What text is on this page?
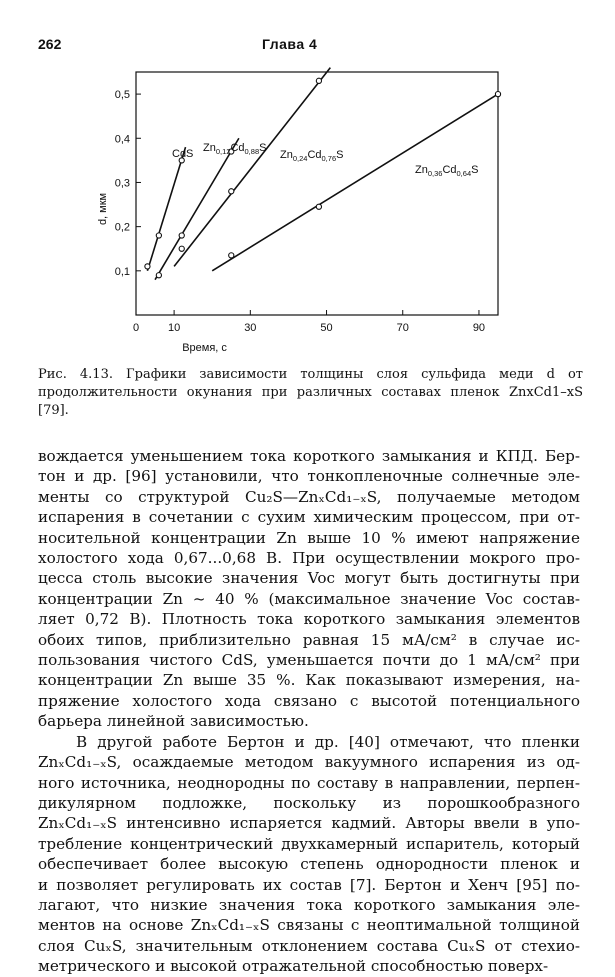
262	Глава 4
0	10	30	50	70	90
0,1
0,2
0,3
0,4
0,5
Время, с
d, мкм
CdS $Zn_{0,12}Cd_{0,88}S$
$Zn_{0,24}Cd_{0,76}S$
$Zn_{0,36}Cd_{0,64}S$
Рис. 4.13. Графики зависимости толщины слоя сульфида меди d от продолжительности окунания при различных составах пленок ZnxCd1–xS [79].

вождается уменьшением тока короткого замыкания и КПД. Бер-

тон и др. [96] установили, что тонкопленочные солнечные эле-

менты со структурой Cu₂S—ZnₓCd₁₋ₓS, получаемые методом

испарения в сочетании с сухим химическим процессом, при от-

носительной концентрации Zn выше 10 % имеют напряжение

холостого хода 0,67...0,68 В. При осуществлении мокрого про-

цесса столь высокие значения Voc могут быть достигнуты при

концентрации Zn ~ 40 % (максимальное значение Voc состав-

ляет 0,72 В). Плотность тока короткого замыкания элементов

обоих типов, приблизительно равная 15 мА/см² в случае ис-

пользования чистого CdS, уменьшается почти до 1 мА/см² при

концентрации Zn выше 35 %. Как показывают измерения, на-

пряжение холостого хода связано с высотой потенциального

барьера линейной зависимостью.

В другой работе Бертон и др. [40] отмечают, что пленки

ZnₓCd₁₋ₓS, осаждаемые методом вакуумного испарения из од-

ного источника, неоднородны по составу в направлении, перпен-

дикулярном подложке, поскольку из порошкообразного

ZnₓCd₁₋ₓS интенсивно испаряется кадмий. Авторы ввели в упо-

требление концентрический двухкамерный испаритель, который

обеспечивает более высокую степень однородности пленок и

и позволяет регулировать их состав [7]. Бертон и Хенч [95] по-

лагают, что низкие значения тока короткого замыкания эле-

ментов на основе ZnₓCd₁₋ₓS связаны с неоптимальной толщиной

слоя CuₓS, значительным отклонением состава CuₓS от стехио-

метрического и высокой отражательной способностью поверх-
